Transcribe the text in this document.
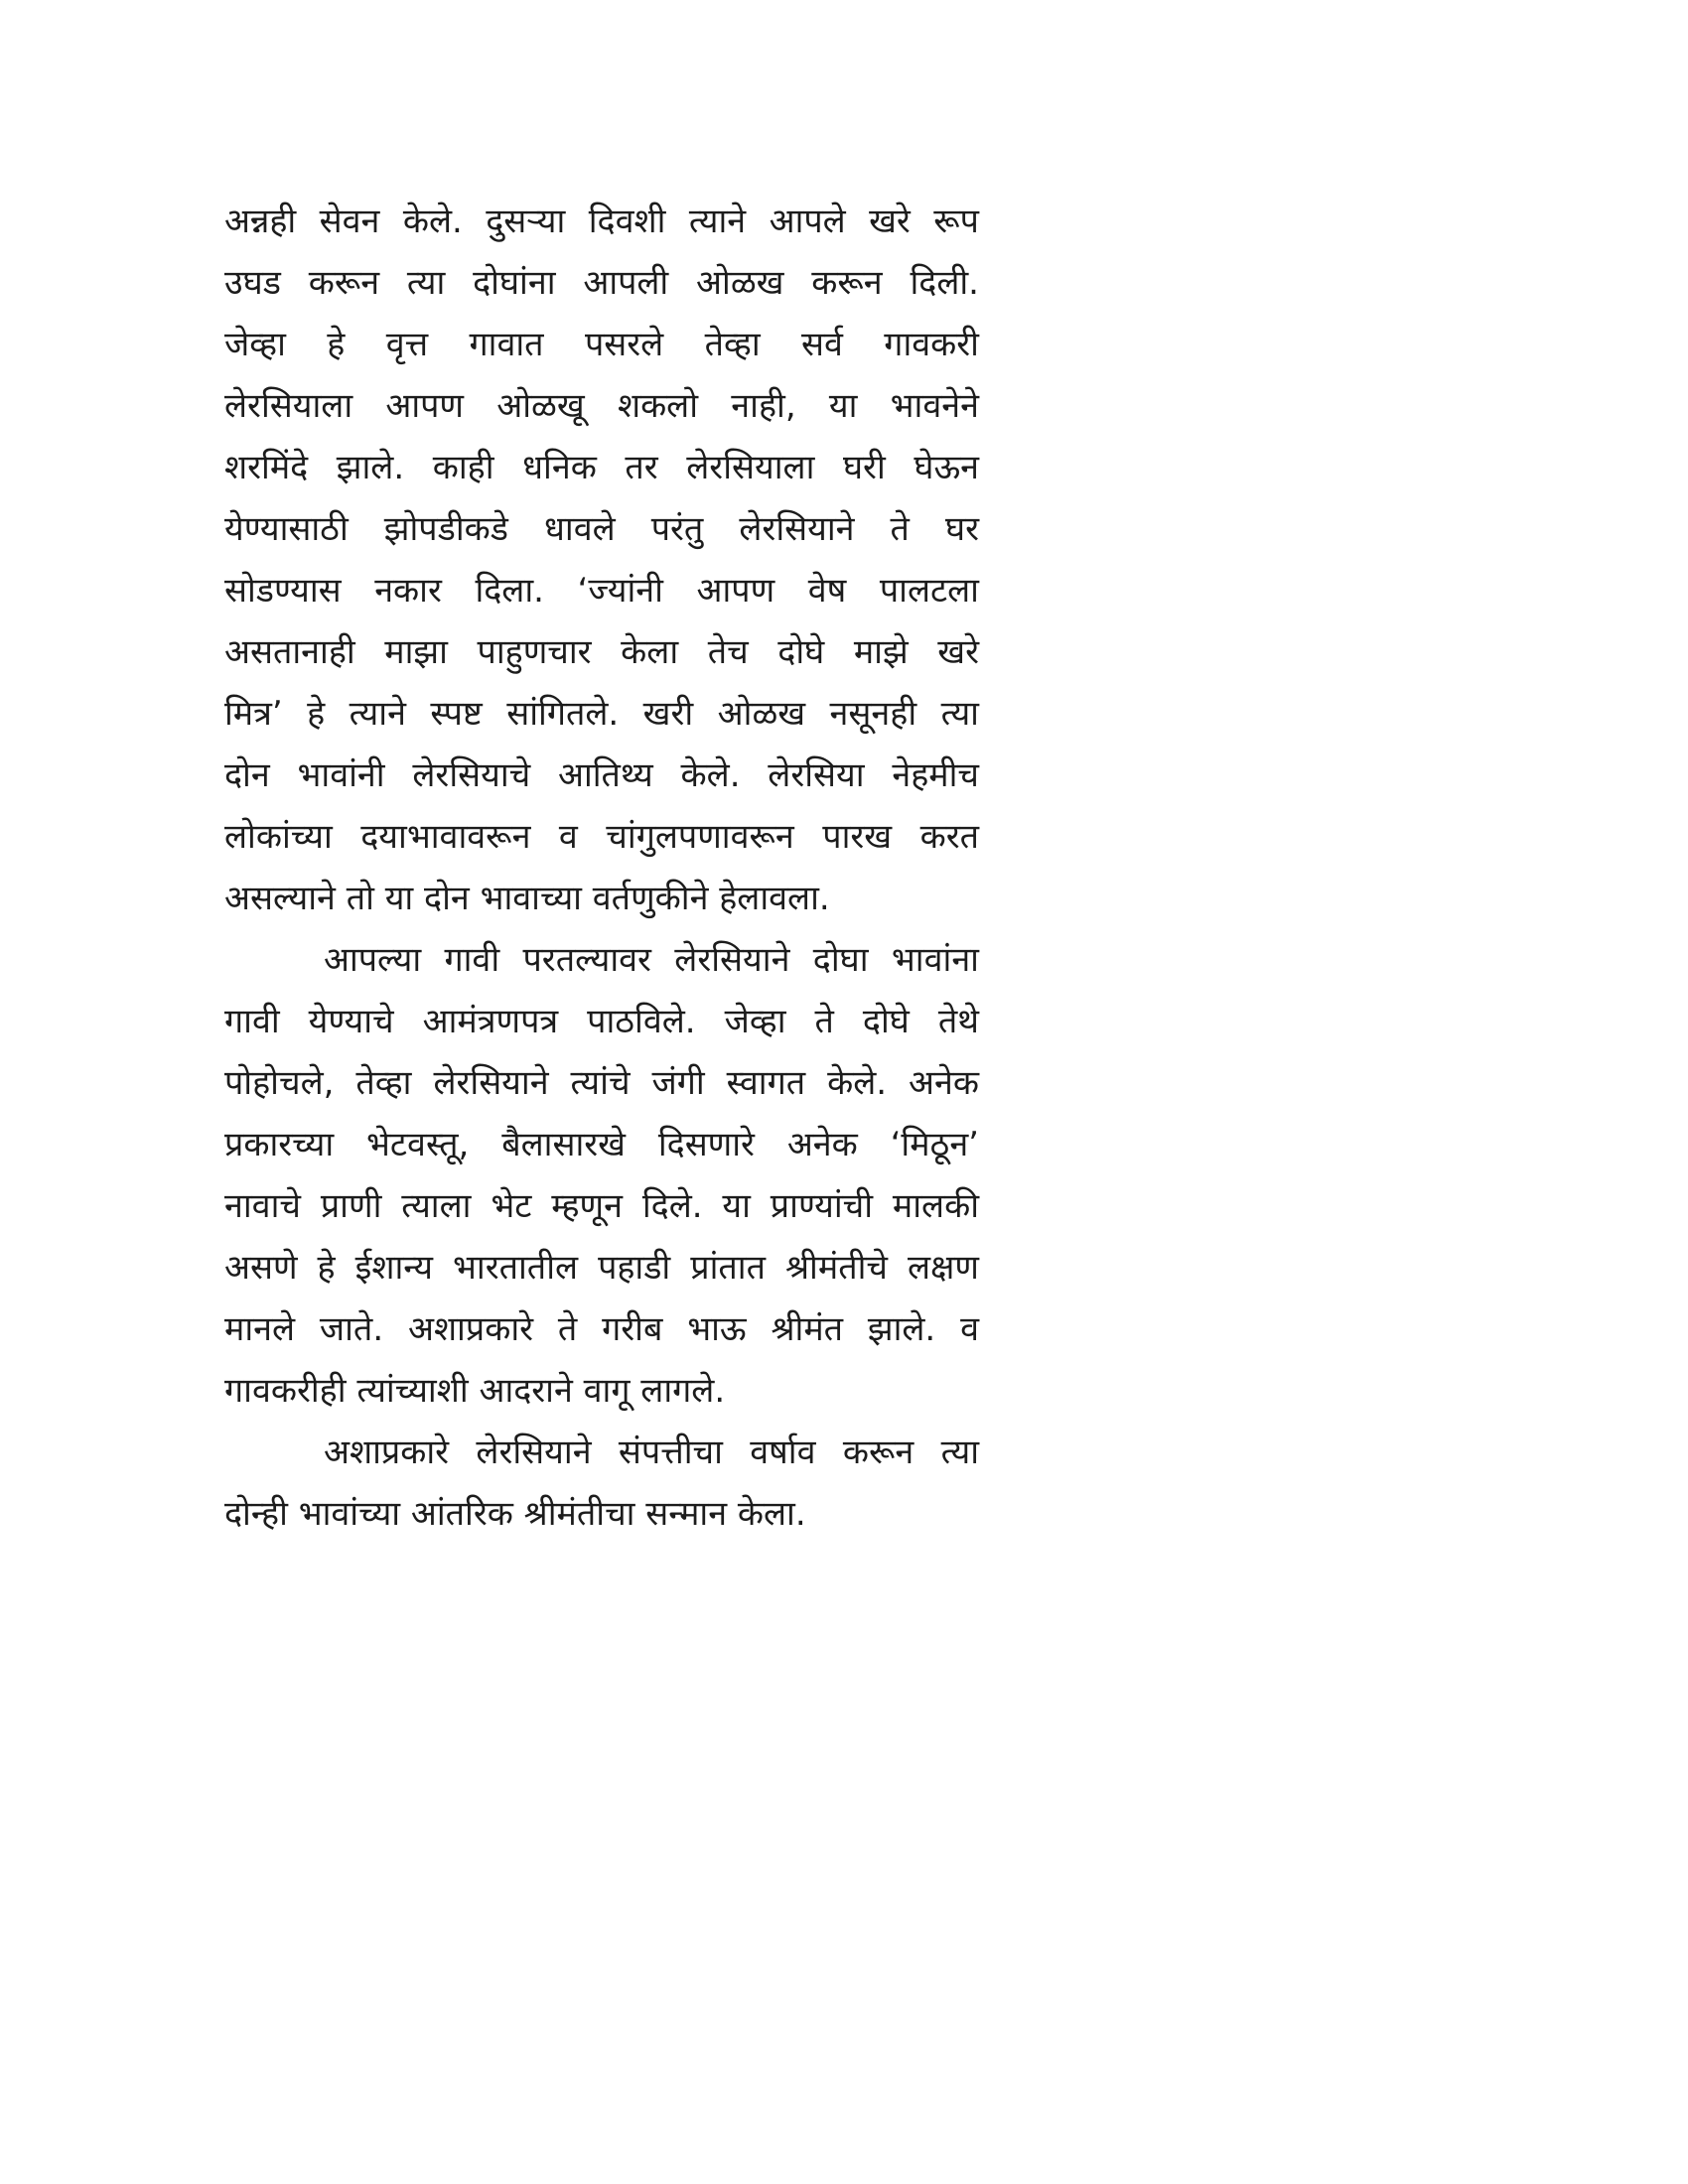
अन्नही सेवन केले. दुसऱ्या दिवशी त्याने आपले खरे रूप
उघड करून त्या दोघांना आपली ओळख करून दिली.
जेव्हा हे वृत्त गावात पसरले तेव्हा सर्व गावकरी
लेरसियाला आपण ओळखू शकलो नाही, या भावनेने
शरमिंदे झाले. काही धनिक तर लेरसियाला घरी घेऊन
येण्यासाठी झोपडीकडे धावले परंतु लेरसियाने ते घर
सोडण्यास नकार दिला. ‘ज्यांनी आपण वेष पालटला
असतानाही माझा पाहुणचार केला तेच दोघे माझे खरे
मित्र’ हे त्याने स्पष्ट सांगितले. खरी ओळख नसूनही त्या
दोन भावांनी लेरसियाचे आतिथ्य केले. लेरसिया नेहमीच
लोकांच्या दयाभावावरून व चांगुलपणावरून पारख करत
असल्याने तो या दोन भावाच्या वर्तणुकीने हेलावला.
आपल्या गावी परतल्यावर लेरसियाने दोघा भावांना
गावी येण्याचे आमंत्रणपत्र पाठविले. जेव्हा ते दोघे तेथे
पोहोचले, तेव्हा लेरसियाने त्यांचे जंगी स्वागत केले. अनेक
प्रकारच्या भेटवस्तू, बैलासारखे दिसणारे अनेक ‘मिठून’
नावाचे प्राणी त्याला भेट म्हणून दिले. या प्राण्यांची मालकी
असणे हे ईशान्य भारतातील पहाडी प्रांतात श्रीमंतीचे लक्षण
मानले जाते. अशाप्रकारे ते गरीब भाऊ श्रीमंत झाले. व
गावकरीही त्यांच्याशी आदराने वागू लागले.
अशाप्रकारे लेरसियाने संपत्तीचा वर्षाव करून त्या
दोन्ही भावांच्या आंतरिक श्रीमंतीचा सन्मान केला.
